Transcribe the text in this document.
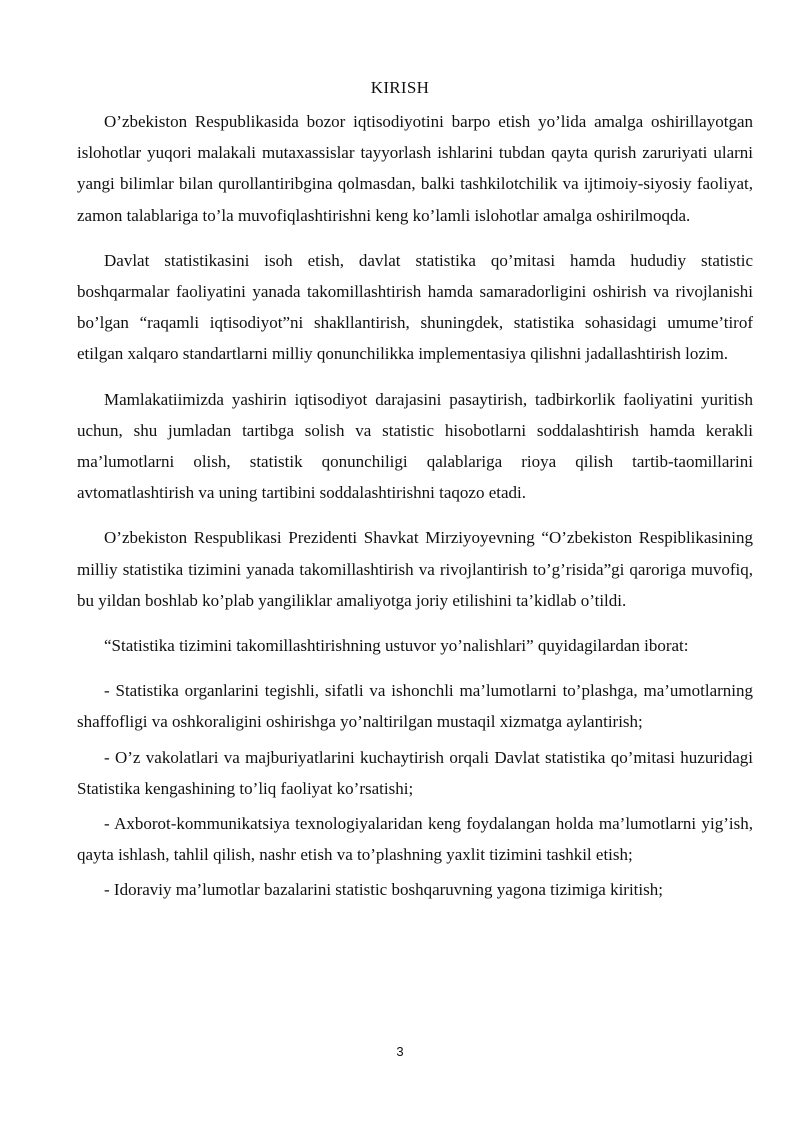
KIRISH

O’zbekiston Respublikasida bozor iqtisodiyotini barpo etish yo’lida amalga oshirillayotgan islohotlar yuqori malakali mutaxassislar tayyorlash ishlarini tubdan qayta qurish zaruriyati ularni yangi bilimlar bilan qurollantiribgina qolmasdan, balki tashkilotchilik va ijtimoiy-siyosiy faoliyat, zamon talablariga to’la muvofiqlashtirishni keng ko’lamli islohotlar amalga oshirilmoqda.

Davlat statistikasini isoh etish, davlat statistika qo’mitasi hamda hududiy statistic boshqarmalar faoliyatini yanada takomillashtirish hamda samaradorligini oshirish va rivojlanishi bo’lgan “raqamli iqtisodiyot”ni shakllantirish, shuningdek, statistika sohasidagi umume’tirof etilgan xalqaro standartlarni milliy qonunchilikka implementasiya qilishni jadallashtirish lozim.

Mamlakatiimizda yashirin iqtisodiyot darajasini pasaytirish, tadbirkorlik faoliyatini yuritish uchun, shu jumladan tartibga solish va statistic hisobotlarni soddalashtirish hamda kerakli ma’lumotlarni olish, statistik qonunchiligi qalablariga rioya qilish tartib-taomillarini avtomatlashtirish va uning tartibini soddalashtirishni taqozo etadi.

O’zbekiston Respublikasi Prezidenti Shavkat Mirziyoyevning “O’zbekiston Respiblikasining milliy statistika tizimini yanada takomillashtirish va rivojlantirish to’g’risida”gi qarorigа muvofiq, bu yildan boshlab ko’plab yangiliklar amaliyotga joriy etilishini ta’kidlab o’tildi.

“Statistika tizimini takomillashtirishning ustuvor yo’nalishlari” quyidagilardan iborat:

- Statistika organlarini tegishli, sifatli va ishonchli ma’lumotlarni to’plashga, ma’umotlarning shaffofligi va oshkoraligini oshirishga yo’naltirilgan mustaqil xizmatga aylantirish;

- O’z vakolatlari va majburiyatlarini kuchaytirish orqali Davlat statistika qo’mitasi huzuridagi Statistika kengashining to’liq faoliyat ko’rsatishi;

- Axborot-kommunikatsiya texnologiyalaridan keng foydalangan holda ma’lumotlarni yig’ish, qayta ishlash, tahlil qilish, nashr etish va to’plashning yaxlit tizimini tashkil etish;

- Idoraviy ma’lumotlar bazalarini statistic boshqaruvning yagona tizimiga kiritish;

3
